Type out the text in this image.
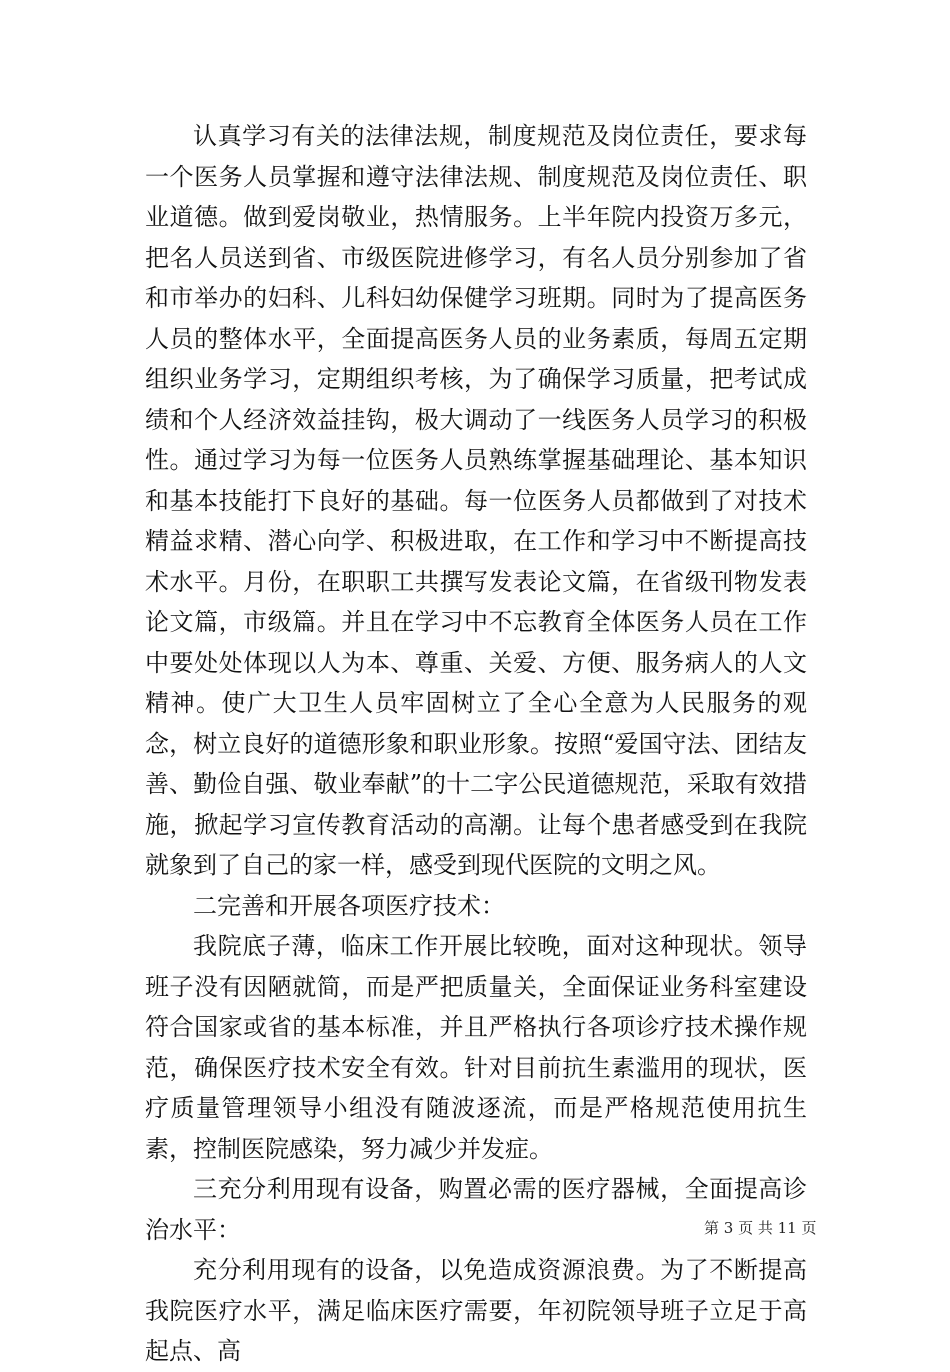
认真学习有关的法律法规，制度规范及岗位责任，要求每一个医务人员掌握和遵守法律法规、制度规范及岗位责任、职业道德。做到爱岗敬业，热情服务。上半年院内投资万多元，把名人员送到省、市级医院进修学习，有名人员分别参加了省和市举办的妇科、儿科妇幼保健学习班期。同时为了提高医务人员的整体水平，全面提高医务人员的业务素质，每周五定期组织业务学习，定期组织考核，为了确保学习质量，把考试成绩和个人经济效益挂钩，极大调动了一线医务人员学习的积极性。通过学习为每一位医务人员熟练掌握基础理论、基本知识和基本技能打下良好的基础。每一位医务人员都做到了对技术精益求精、潜心向学、积极进取，在工作和学习中不断提高技术水平。月份，在职职工共撰写发表论文篇，在省级刊物发表论文篇，市级篇。并且在学习中不忘教育全体医务人员在工作中要处处体现以人为本、尊重、关爱、方便、服务病人的人文精神。使广大卫生人员牢固树立了全心全意为人民服务的观念，树立良好的道德形象和职业形象。按照“爱国守法、团结友善、勤俭自强、敬业奉献”的十二字公民道德规范，采取有效措施，掀起学习宣传教育活动的高潮。让每个患者感受到在我院就象到了自己的家一样，感受到现代医院的文明之风。

二完善和开展各项医疗技术：

我院底子薄，临床工作开展比较晚，面对这种现状。领导班子没有因陋就简，而是严把质量关，全面保证业务科室建设符合国家或省的基本标准，并且严格执行各项诊疗技术操作规范，确保医疗技术安全有效。针对目前抗生素滥用的现状，医疗质量管理领导小组没有随波逐流，而是严格规范使用抗生素，控制医院感染，努力减少并发症。

三充分利用现有设备，购置必需的医疗器械，全面提高诊治水平：

充分利用现有的设备，以免造成资源浪费。为了不断提高我院医疗水平，满足临床医疗需要，年初院领导班子立足于高起点、高

第 3 页 共 11 页
